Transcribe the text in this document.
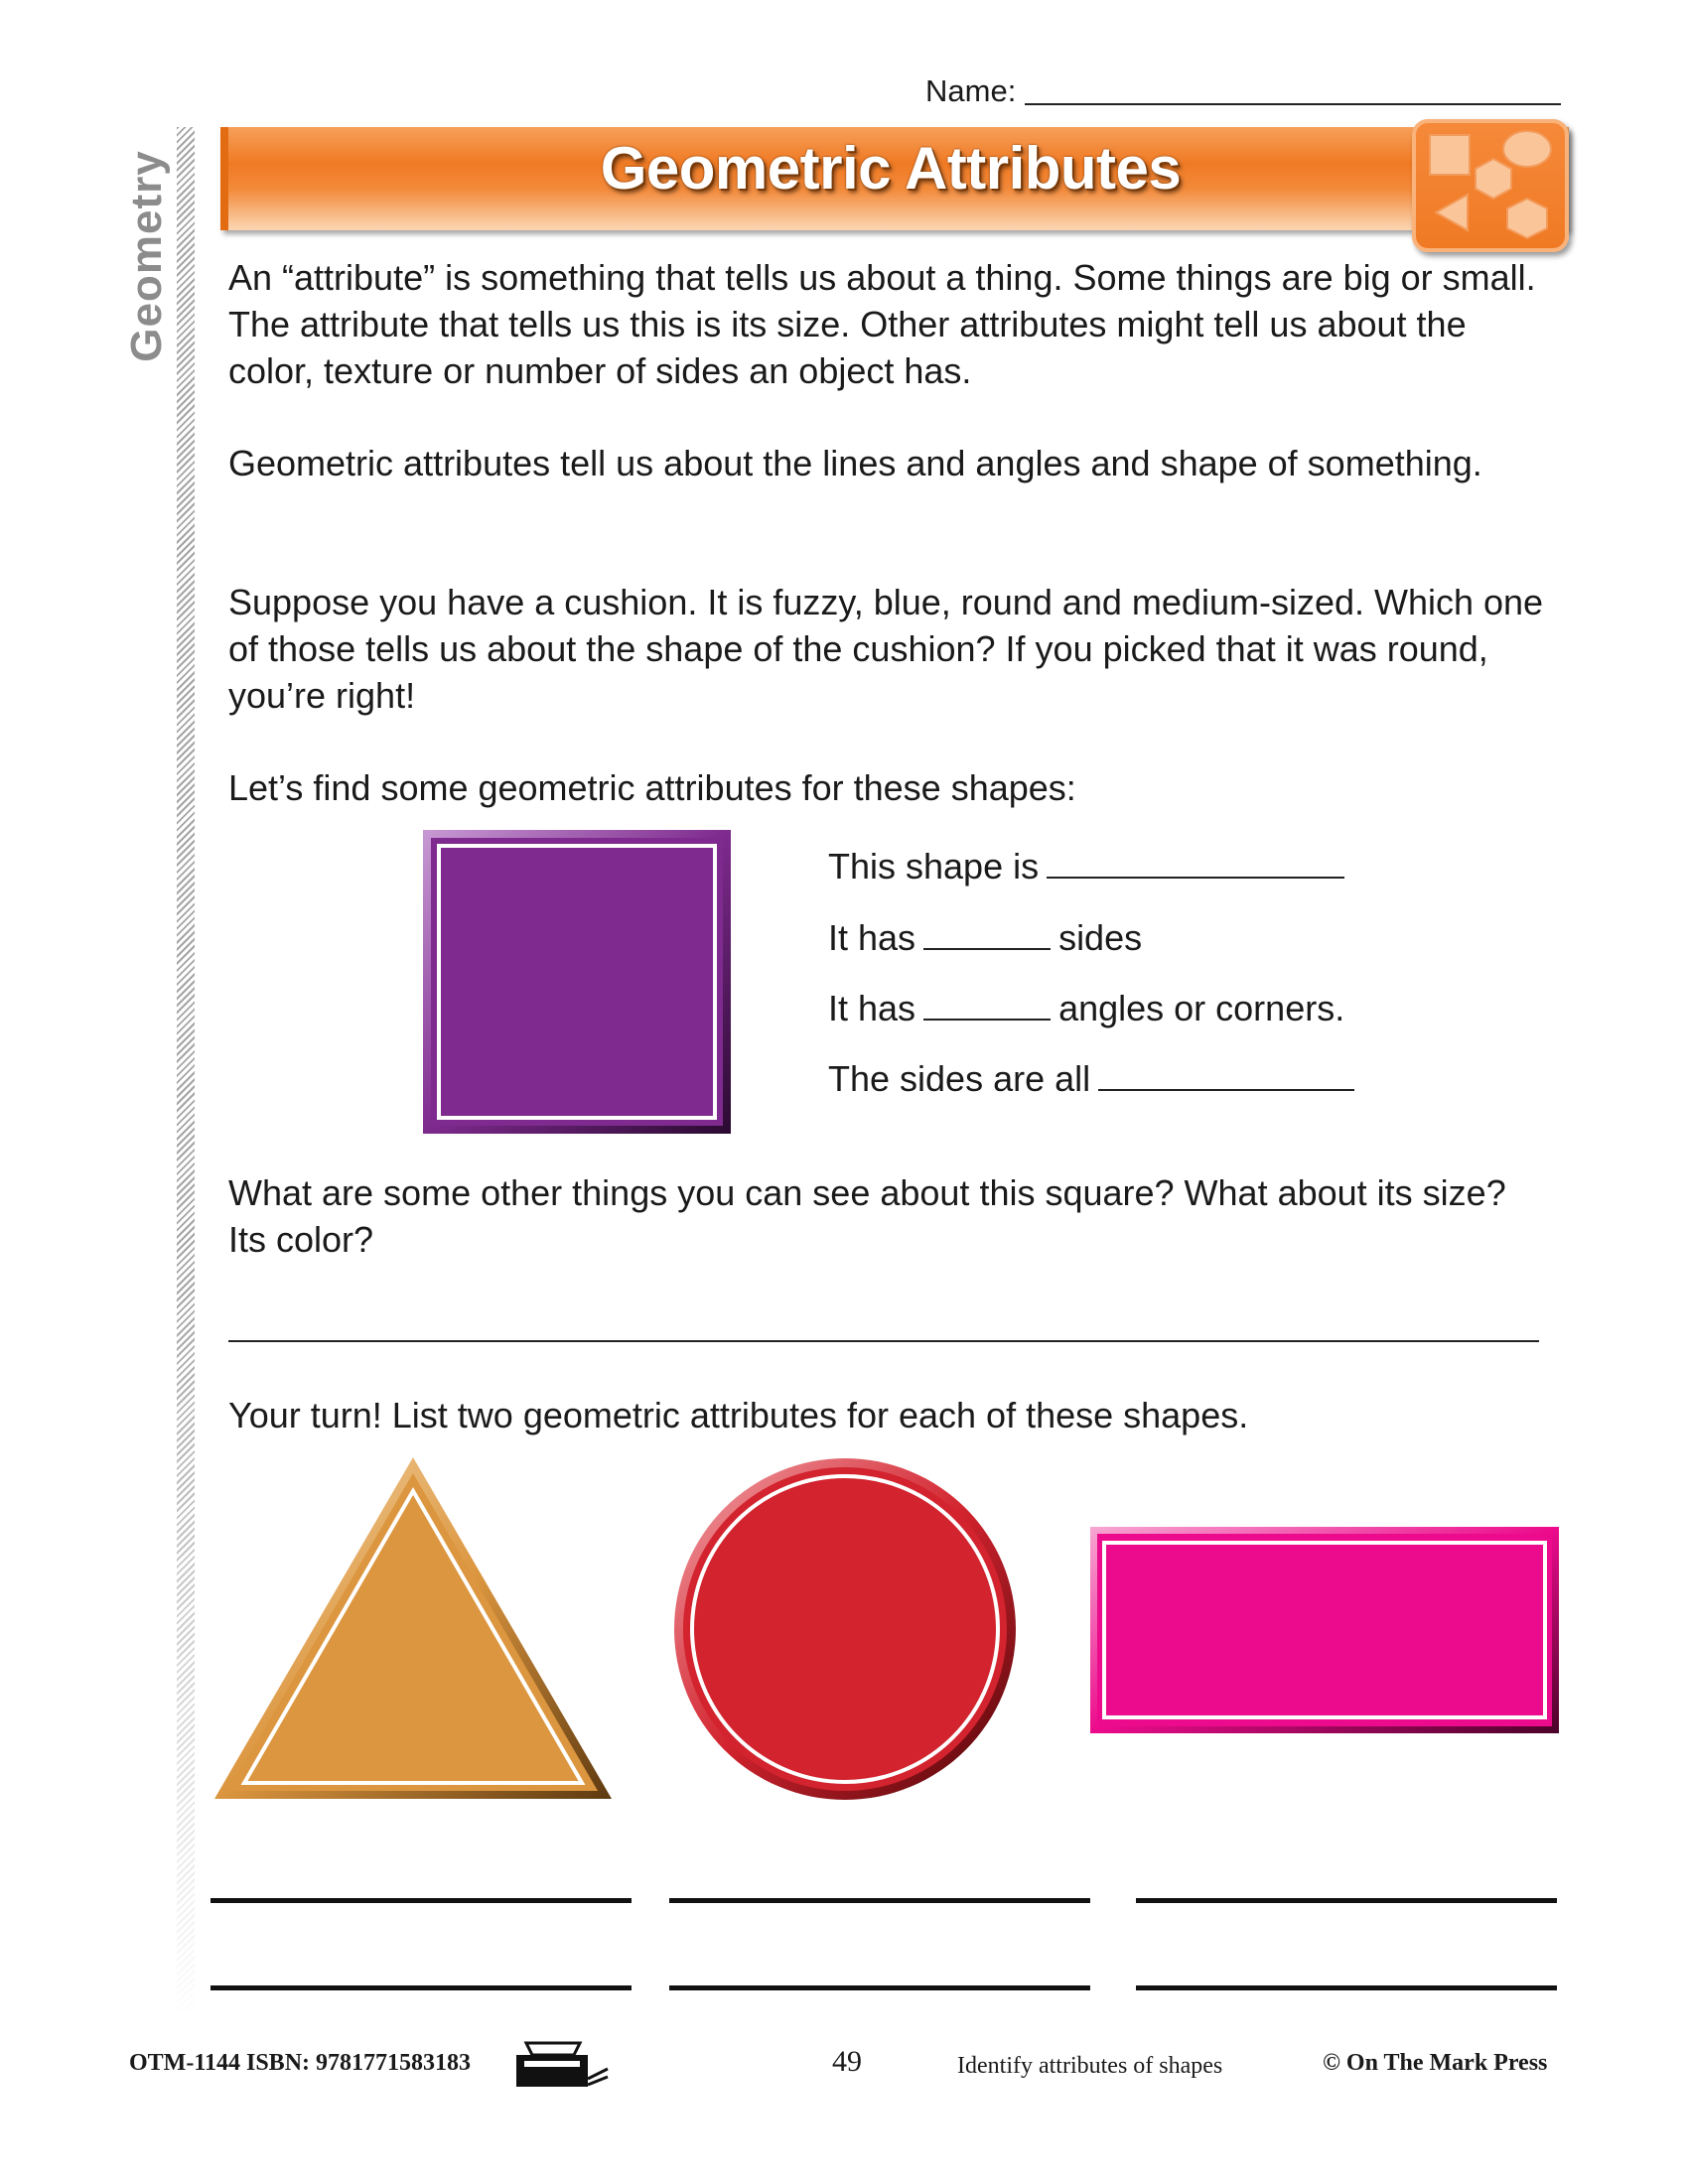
Name:
Geometry	Geometric Attributes
An “attribute” is something that tells us about a thing. Some things are big or small. The attribute that tells us this is its size. Other attributes might tell us about the color, texture or number of sides an object has.
Geometric attributes tell us about the lines and angles and shape of something.
Suppose you have a cushion. It is fuzzy, blue, round and medium-sized. Which one of those tells us about the shape of the cushion? If you picked that it was round, you’re right!
Let’s find some geometric attributes for these shapes:
This shape is
It has	sides
It has	angles or corners.
The sides are all
What are some other things you can see about this square? What about its size? Its color?
Your turn! List two geometric attributes for each of these shapes.
OTM-1144 ISBN: 9781771583183	49	Identify attributes of shapes	© On The Mark Press
